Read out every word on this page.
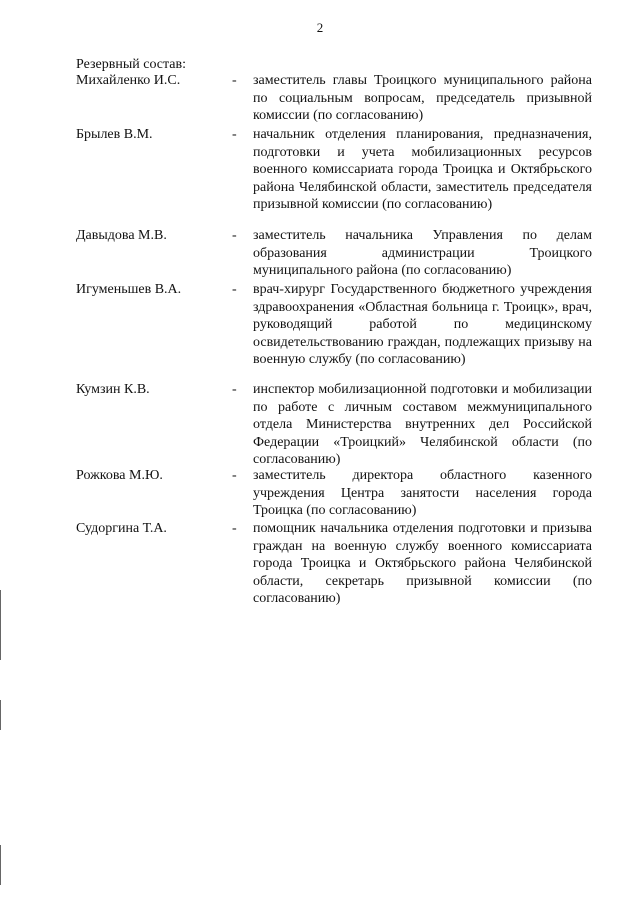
2
Резервный состав:
Михайленко И.С.	- заместитель главы Троицкого муниципального района по социальным вопросам, председатель призывной комиссии (по согласованию)
Брылев В.М.	- начальник отделения планирования, предназначения, подготовки и учета мобилизационных ресурсов военного комиссариата города Троицка и Октябрьского района Челябинской области, заместитель председателя призывной комиссии (по согласованию)
Давыдова М.В.	- заместитель начальника Управления по делам образования администрации Троицкого муниципального района (по согласованию)
Игуменьшев В.А.	- врач-хирург Государственного бюджетного учреждения здравоохранения «Областная больница г. Троицк», врач, руководящий работой по медицинскому освидетельствованию граждан, подлежащих призыву на военную службу (по согласованию)
Кумзин К.В.	- инспектор мобилизационной подготовки и мобилизации по работе с личным составом межмуниципального отдела Министерства внутренних дел Российской Федерации «Троицкий» Челябинской области (по согласованию)
Рожкова М.Ю.	- заместитель директора областного казенного учреждения Центра занятости населения города Троицка (по согласованию)
Судоргина Т.А.	- помощник начальника отделения подготовки и призыва граждан на военную службу военного комиссариата города Троицка и Октябрьского района Челябинской области, секретарь призывной комиссии (по согласованию)
